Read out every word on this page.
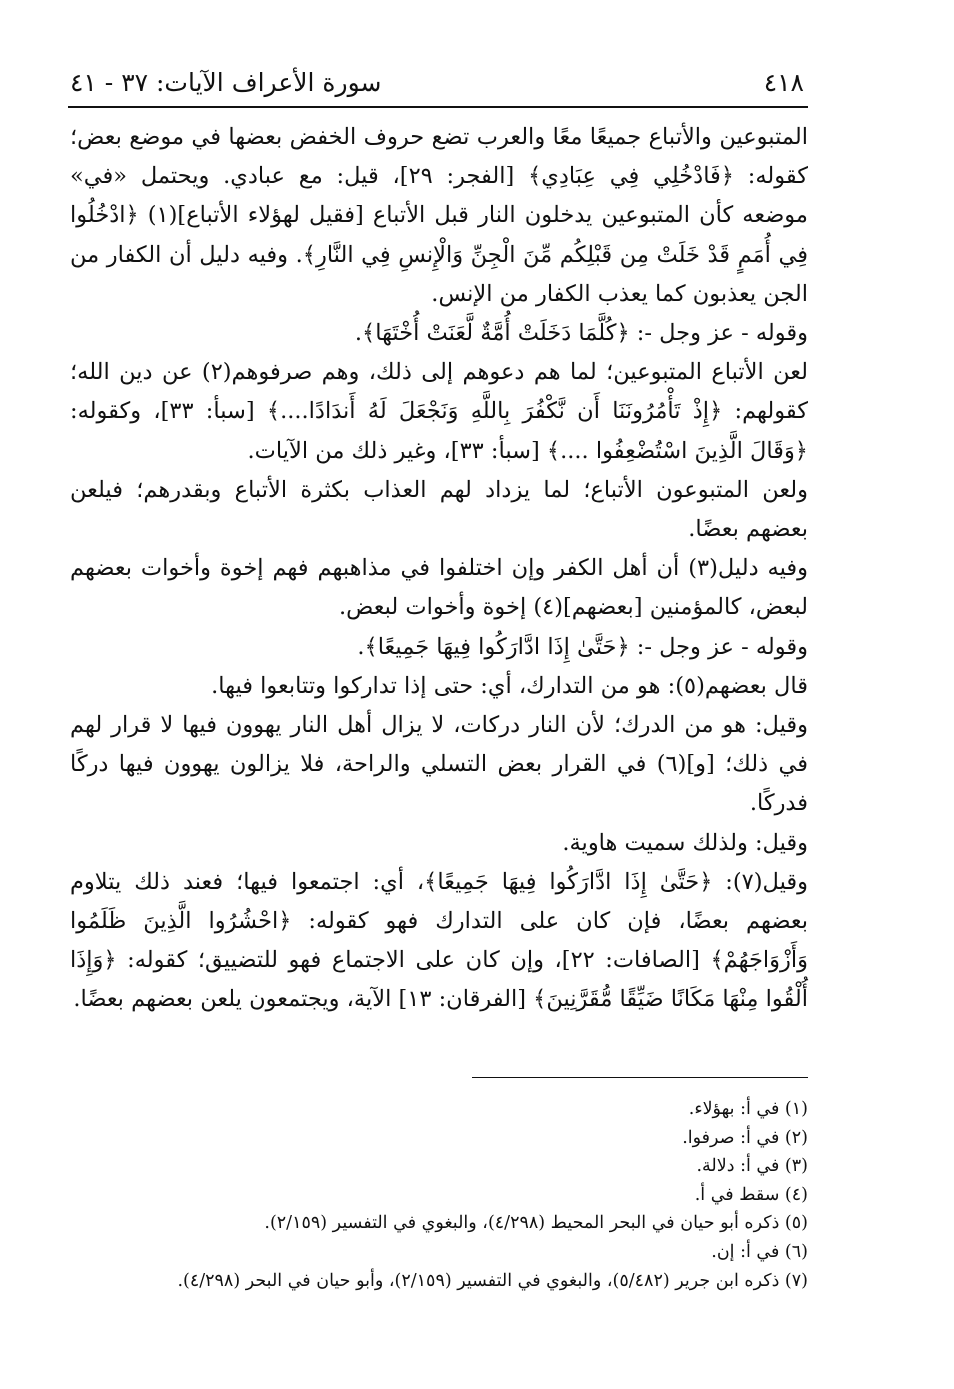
٤١٨
سورة الأعراف الآيات: ٣٧ - ٤١

المتبوعين والأتباع جميعًا معًا والعرب تضع حروف الخفض بعضها في موضع بعض؛ كقوله: ﴿فَادْخُلِي فِي عِبَادِي﴾ [الفجر: ٢٩]، قيل: مع عبادي. ويحتمل «في» موضعه كأن المتبوعين يدخلون النار قبل الأتباع [فقيل لهؤلاء الأتباع](١) ﴿ادْخُلُوا فِي أُمَمٍ قَدْ خَلَتْ مِن قَبْلِكُم مِّنَ الْجِنِّ وَالْإِنسِ فِي النَّارِ﴾. وفيه دليل أن الكفار من الجن يعذبون كما يعذب الكفار من الإنس.

وقوله - عز وجل -: ﴿كُلَّمَا دَخَلَتْ أُمَّةٌ لَّعَنَتْ أُخْتَهَا﴾.

لعن الأتباع المتبوعين؛ لما هم دعوهم إلى ذلك، وهم صرفوهم(٢) عن دين الله؛ كقولهم: ﴿إِذْ تَأْمُرُونَنَا أَن نَّكْفُرَ بِاللَّهِ وَنَجْعَلَ لَهُ أَندَادًا....﴾ [سبأ: ٣٣]، وكقوله: ﴿وَقَالَ الَّذِينَ اسْتُضْعِفُوا ....﴾ [سبأ: ٣٣]، وغير ذلك من الآيات.

ولعن المتبوعون الأتباع؛ لما يزداد لهم العذاب بكثرة الأتباع وبقدرهم؛ فيلعن بعضهم بعضًا.

وفيه دليل(٣) أن أهل الكفر وإن اختلفوا في مذاهبهم فهم إخوة وأخوات بعضهم لبعض، كالمؤمنين [بعضهم](٤) إخوة وأخوات لبعض.

وقوله - عز وجل -: ﴿حَتَّىٰ إِذَا ادَّارَكُوا فِيهَا جَمِيعًا﴾.

قال بعضهم(٥): هو من التدارك، أي: حتى إذا تداركوا وتتابعوا فيها.

وقيل: هو من الدرك؛ لأن النار دركات، لا يزال أهل النار يهوون فيها لا قرار لهم في ذلك؛ [و](٦) في القرار بعض التسلي والراحة، فلا يزالون يهوون فيها دركًا فدركًا.

وقيل: ولذلك سميت هاوية.

وقيل(٧): ﴿حَتَّىٰ إِذَا ادَّارَكُوا فِيهَا جَمِيعًا﴾، أي: اجتمعوا فيها؛ فعند ذلك يتلاوم بعضهم بعضًا، فإن كان على التدارك فهو كقوله: ﴿احْشُرُوا الَّذِينَ ظَلَمُوا وَأَزْوَاجَهُمْ﴾ [الصافات: ٢٢]، وإن كان على الاجتماع فهو للتضييق؛ كقوله: ﴿وَإِذَا أُلْقُوا مِنْهَا مَكَانًا ضَيِّقًا مُّقَرَّنِينَ﴾ [الفرقان: ١٣] الآية، ويجتمعون يلعن بعضهم بعضًا.

(١) في أ: بهؤلاء.

(٢) في أ: صرفوا.

(٣) في أ: دلالة.

(٤) سقط في أ.

(٥) ذكره أبو حيان في البحر المحيط (٤/٢٩٨)، والبغوي في التفسير (٢/١٥٩).

(٦) في أ: إن.

(٧) ذكره ابن جرير (٥/٤٨٢)، والبغوي في التفسير (٢/١٥٩)، وأبو حيان في البحر (٤/٢٩٨).
